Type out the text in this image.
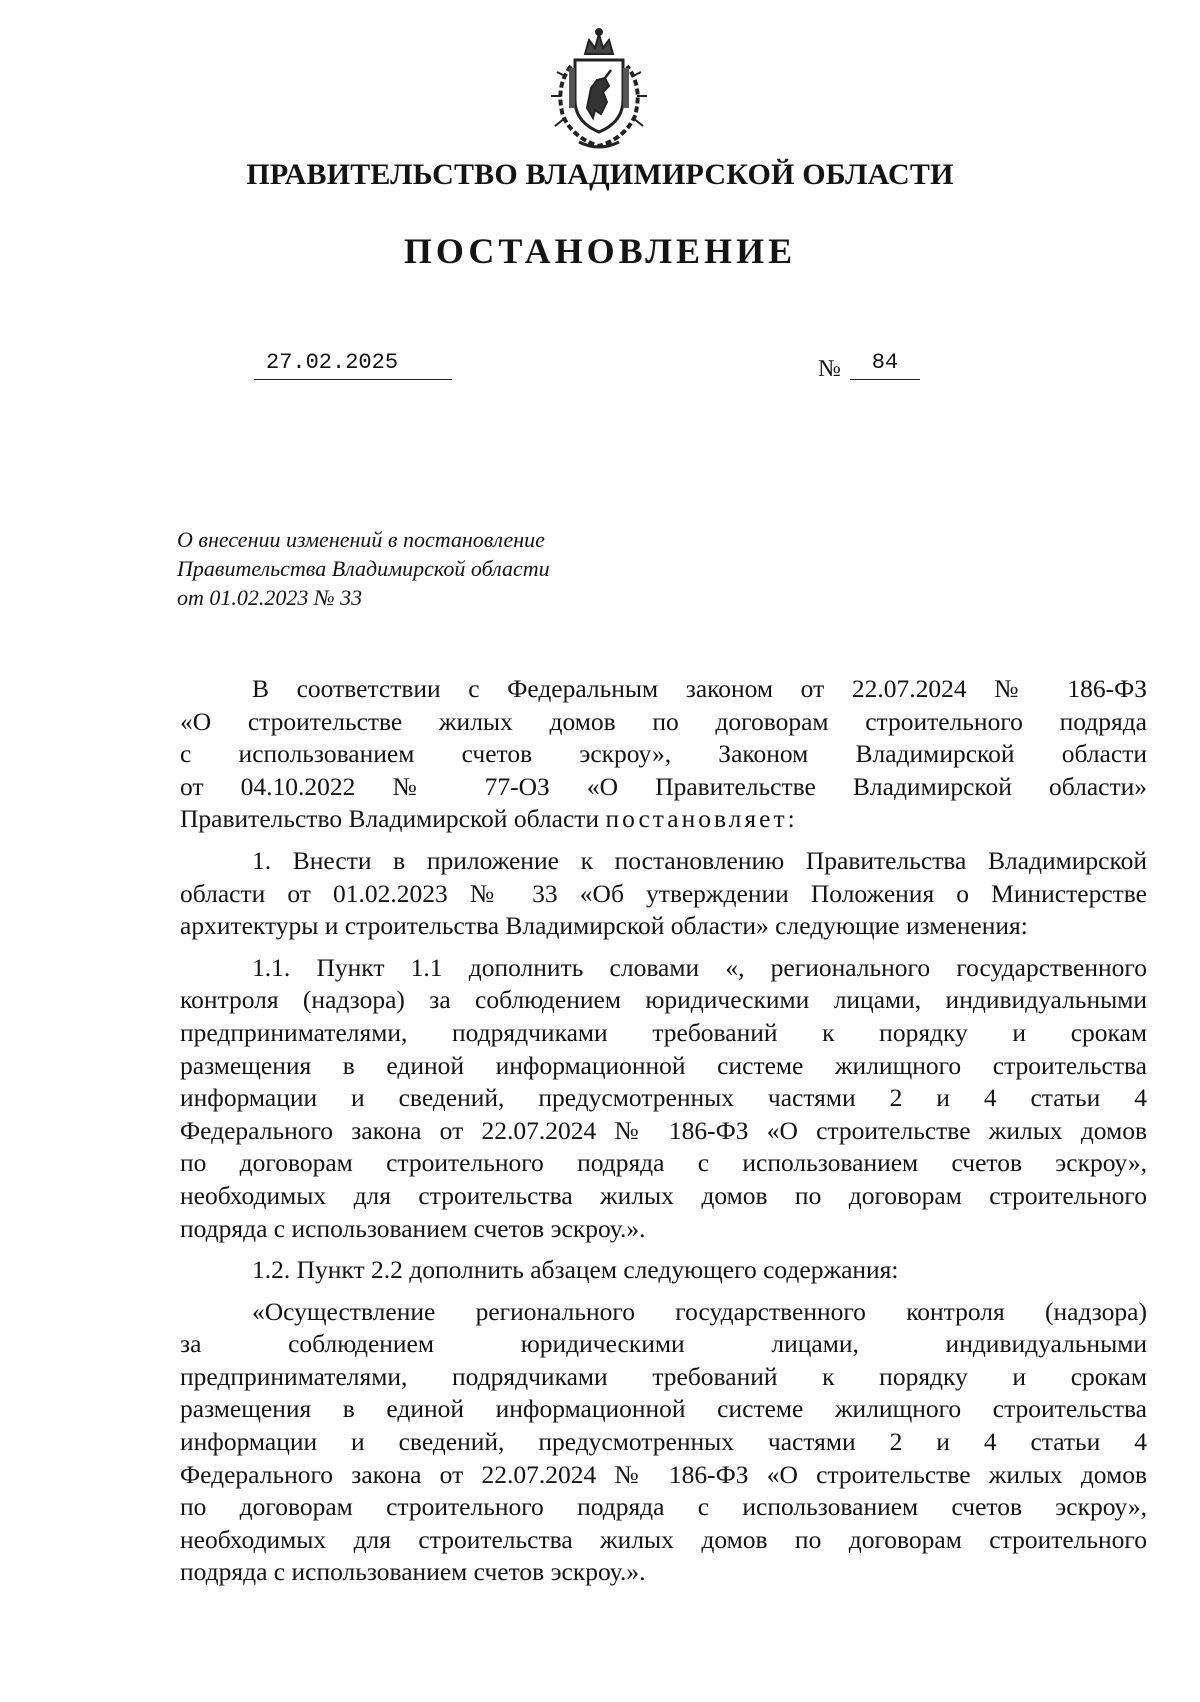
ПРАВИТЕЛЬСТВО ВЛАДИМИРСКОЙ ОБЛАСТИ
ПОСТАНОВЛЕНИЕ
27.02.2025	№	84
О внесении изменений в постановление
Правительства Владимирской области
от 01.02.2023 № 33
В соответствии с Федеральным законом от 22.07.2024 № 186-ФЗ
«О строительстве жилых домов по договорам строительного подряда
с использованием счетов эскроу», Законом Владимирской области
от 04.10.2022 № 77-ОЗ «О Правительстве Владимирской области»
Правительство Владимирской области постановляет:
1. Внести в приложение к постановлению Правительства Владимирской
области от 01.02.2023 № 33 «Об утверждении Положения о Министерстве
архитектуры и строительства Владимирской области» следующие изменения:
1.1. Пункт 1.1 дополнить словами «, регионального государственного
контроля (надзора) за соблюдением юридическими лицами, индивидуальными
предпринимателями, подрядчиками требований к порядку и срокам
размещения в единой информационной системе жилищного строительства
информации и сведений, предусмотренных частями 2 и 4 статьи 4
Федерального закона от 22.07.2024 № 186-ФЗ «О строительстве жилых домов
по договорам строительного подряда с использованием счетов эскроу»,
необходимых для строительства жилых домов по договорам строительного
подряда с использованием счетов эскроу.».
1.2. Пункт 2.2 дополнить абзацем следующего содержания:
«Осуществление регионального государственного контроля (надзора)
за соблюдением юридическими лицами, индивидуальными
предпринимателями, подрядчиками требований к порядку и срокам
размещения в единой информационной системе жилищного строительства
информации и сведений, предусмотренных частями 2 и 4 статьи 4
Федерального закона от 22.07.2024 № 186-ФЗ «О строительстве жилых домов
по договорам строительного подряда с использованием счетов эскроу»,
необходимых для строительства жилых домов по договорам строительного
подряда с использованием счетов эскроу.».
